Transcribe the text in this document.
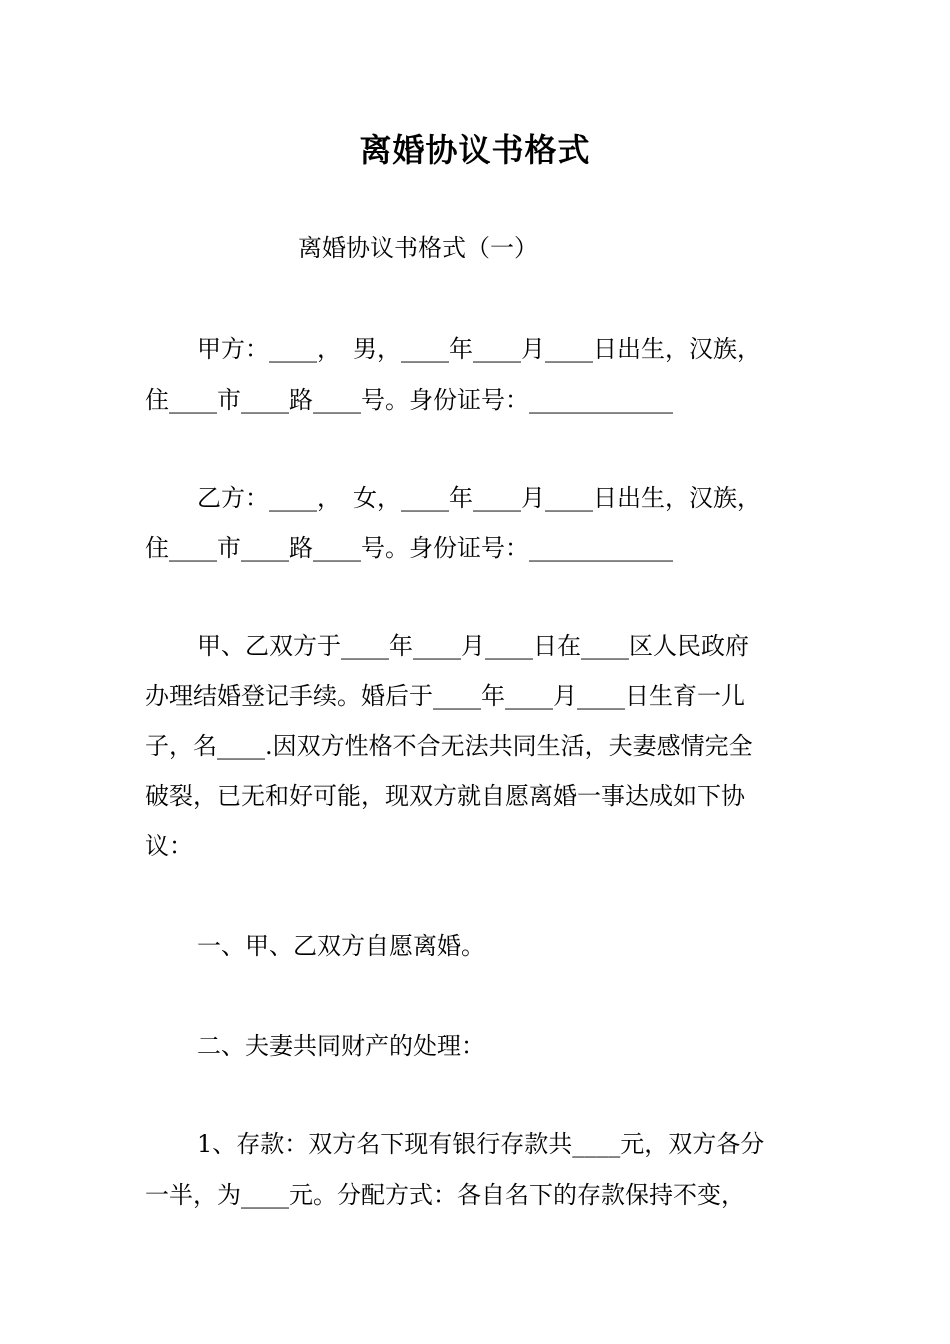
离婚协议书格式
离婚协议书格式（一）
甲方：____，　男，____年____月____日出生，汉族，
住____市____路____号。身份证号：____________
乙方：____，　女，____年____月____日出生，汉族，
住____市____路____号。身份证号：____________
甲、乙双方于____年____月____日在____区人民政府
办理结婚登记手续。婚后于____年____月____日生育一儿
子，名____.因双方性格不合无法共同生活，夫妻感情完全
破裂，已无和好可能，现双方就自愿离婚一事达成如下协
议：
一、甲、乙双方自愿离婚。
二、夫妻共同财产的处理：
1、存款：双方名下现有银行存款共____元，双方各分
一半，为____元。分配方式：各自名下的存款保持不变，
